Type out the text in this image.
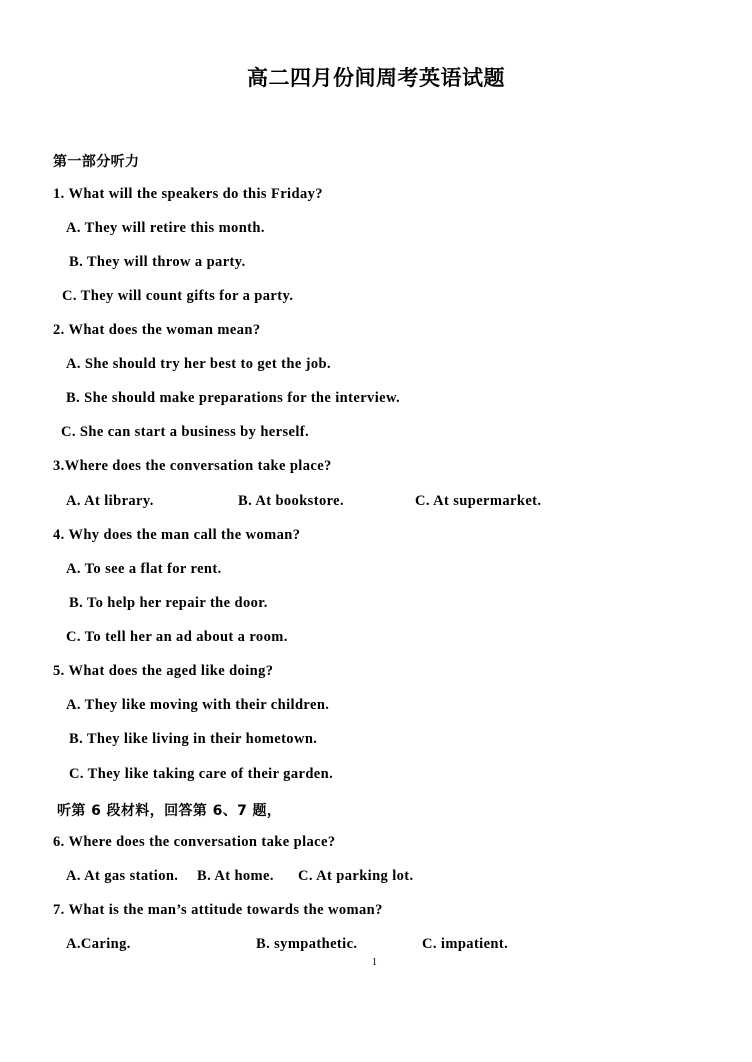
高二四月份间周考英语试题
第一部分听力
1. What will the speakers do this Friday?
A. They will retire this month.
B. They will throw a party.
C. They will count gifts for a party.
2. What does the woman mean?
A. She should try her best to get the job.
B. She should make preparations for the interview.
C. She can start a business by herself.
3.Where does the conversation take place?
A. At library.	B. At bookstore.	C. At supermarket.
4. Why does the man call the woman?
A. To see a flat for rent.
B. To help her repair the door.
C. To tell her an ad about a room.
5. What does the aged like doing?
A. They like moving with their children.
B. They like living in their hometown.
C. They like taking care of their garden.
听第 6 段材料，回答第 6、7 题，
6. Where does the conversation take place?
A. At gas station. B. At home. C. At parking lot.
7. What is the man’s attitude towards the woman?
A.Caring.	B. sympathetic.	C. impatient.
1
